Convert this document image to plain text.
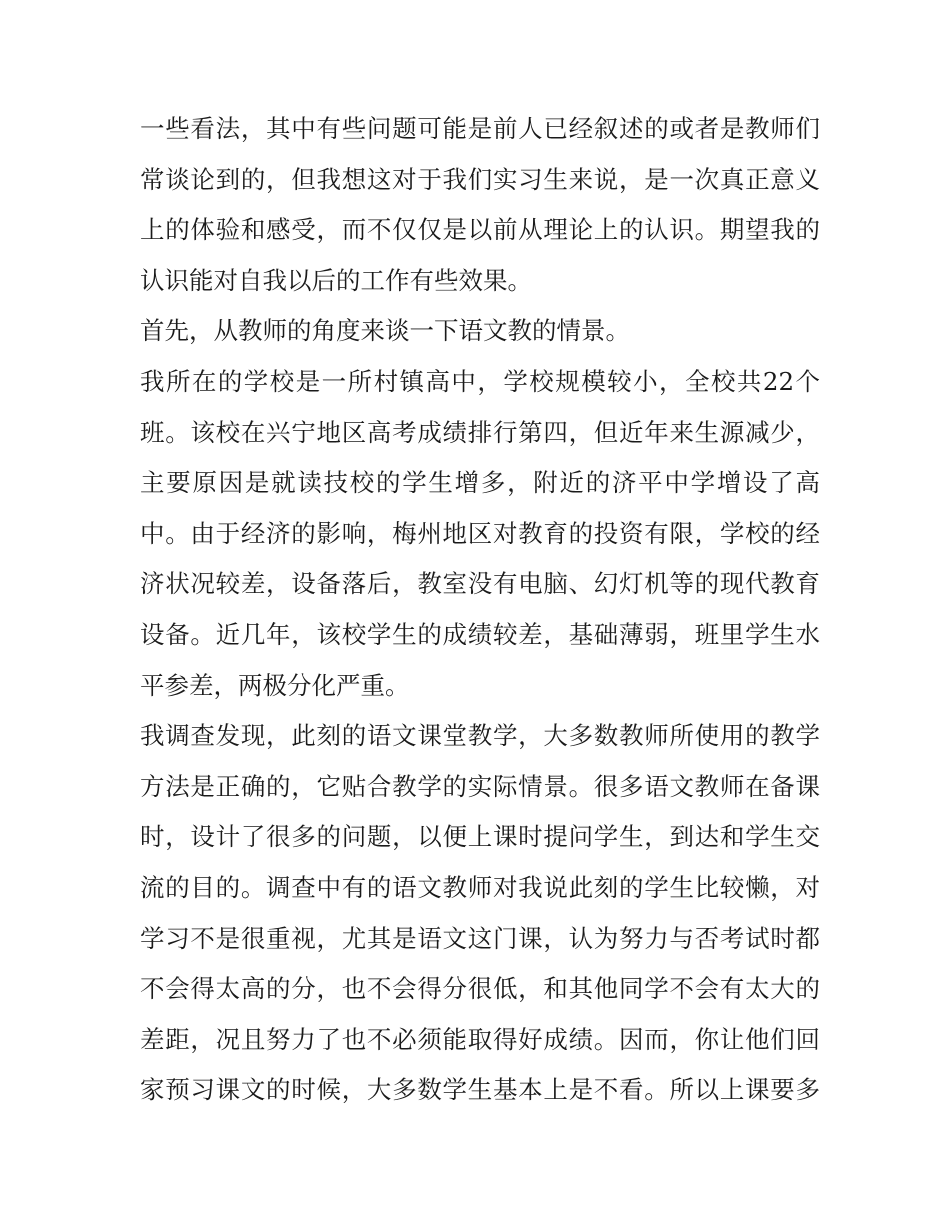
一些看法，其中有些问题可能是前人已经叙述的或者是教师们
常谈论到的，但我想这对于我们实习生来说，是一次真正意义
上的体验和感受，而不仅仅是以前从理论上的认识。期望我的
认识能对自我以后的工作有些效果。
首先，从教师的角度来谈一下语文教的情景。
我所在的学校是一所村镇高中，学校规模较小，全校共22个
班。该校在兴宁地区高考成绩排行第四，但近年来生源减少，
主要原因是就读技校的学生增多，附近的济平中学增设了高
中。由于经济的影响，梅州地区对教育的投资有限，学校的经
济状况较差，设备落后，教室没有电脑、幻灯机等的现代教育
设备。近几年，该校学生的成绩较差，基础薄弱，班里学生水
平参差，两极分化严重。
我调查发现，此刻的语文课堂教学，大多数教师所使用的教学
方法是正确的，它贴合教学的实际情景。很多语文教师在备课
时，设计了很多的问题，以便上课时提问学生，到达和学生交
流的目的。调查中有的语文教师对我说此刻的学生比较懒，对
学习不是很重视，尤其是语文这门课，认为努力与否考试时都
不会得太高的分，也不会得分很低，和其他同学不会有太大的
差距，况且努力了也不必须能取得好成绩。因而，你让他们回
家预习课文的时候，大多数学生基本上是不看。所以上课要多
